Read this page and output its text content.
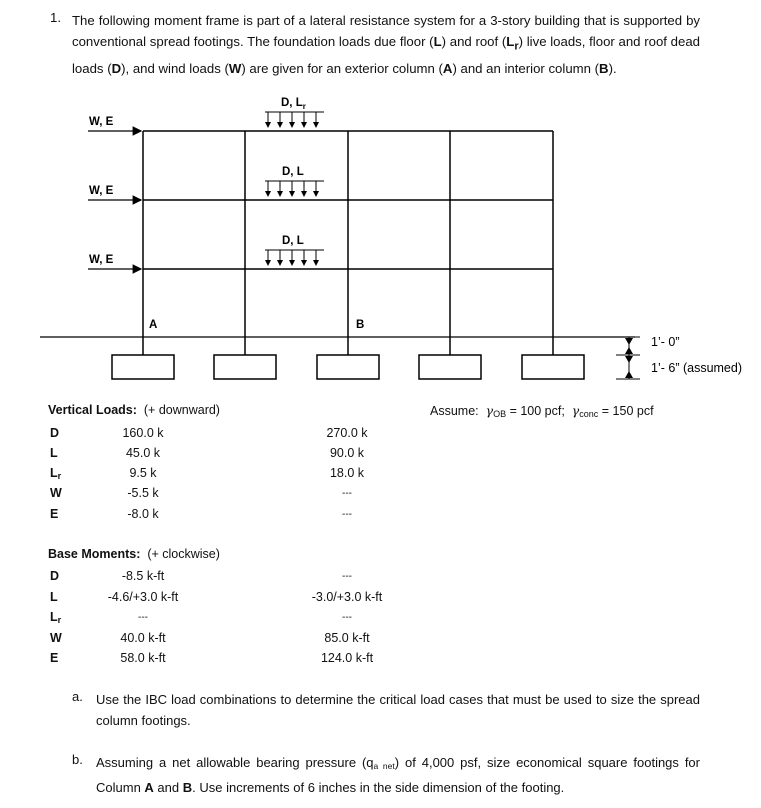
1. The following moment frame is part of a lateral resistance system for a 3-story building that is supported by conventional spread footings. The foundation loads due floor (L) and roof $(L_r)$ live loads, floor and roof dead loads (D), and wind loads (W) are given for an exterior column (A) and an interior column (B).
W, E
W, E
W, E
D, $L_r$
D, L
D, L
A	B
1’- 0”
1’- 6” (assumed)
Vertical Loads: (+ downward)	Assume: $\gamma_{OB} = 100$ pcf; $\gamma_{conc} = 150$ pcf
D	160.0 k	270.0 k
L	45.0 k	90.0 k
$L_r$	9.5 k	18.0 k
W	-5.5 k	---
E	-8.0 k	---
Base Moments: (+ clockwise)
D	-8.5 k-ft	---
L	-4.6/+3.0 k-ft	-3.0/+3.0 k-ft
$L_r$	---	---
W	40.0 k-ft	85.0 k-ft
E	58.0 k-ft	124.0 k-ft
a. Use the IBC load combinations to determine the critical load cases that must be used to size the spread column footings.
b. Assuming a net allowable bearing pressure $(q_{a net})$ of 4,000 psf, size economical square footings for Column A and B. Use increments of 6 inches in the side dimension of the footing.
